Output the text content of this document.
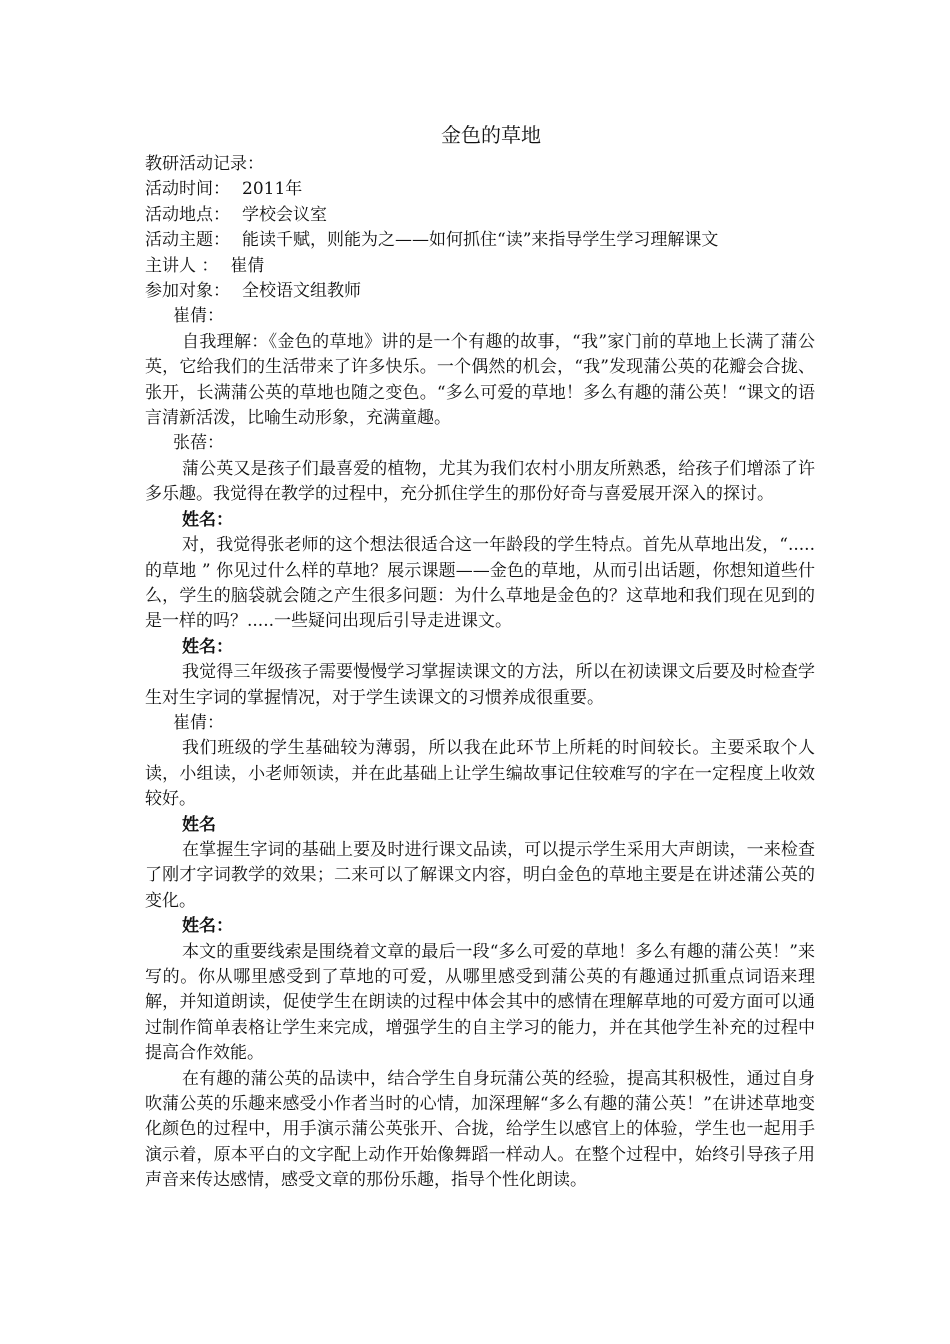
金色的草地

教研活动记录：

活动时间： 2011年

活动地点： 学校会议室

活动主题： 能读千赋，则能为之——如何抓住“读”来指导学生学习理解课文

主讲人 ： 崔倩

参加对象： 全校语文组教师

崔倩：

自我理解：《金色的草地》讲的是一个有趣的故事，“我”家门前的草地上长满了蒲公英，它给我们的生活带来了许多快乐。一个偶然的机会，“我”发现蒲公英的花瓣会合拢、张开，长满蒲公英的草地也随之变色。“多么可爱的草地！多么有趣的蒲公英！“课文的语言清新活泼，比喻生动形象，充满童趣。

张蓓：

蒲公英又是孩子们最喜爱的植物，尤其为我们农村小朋友所熟悉，给孩子们增添了许多乐趣。我觉得在教学的过程中，充分抓住学生的那份好奇与喜爱展开深入的探讨。

姓名：

对，我觉得张老师的这个想法很适合这一年龄段的学生特点。首先从草地出发，“.....的草地 ” 你见过什么样的草地？展示课题——金色的草地，从而引出话题，你想知道些什么，学生的脑袋就会随之产生很多问题：为什么草地是金色的？这草地和我们现在见到的是一样的吗？.....一些疑问出现后引导走进课文。

姓名：

我觉得三年级孩子需要慢慢学习掌握读课文的方法，所以在初读课文后要及时检查学生对生字词的掌握情况，对于学生读课文的习惯养成很重要。

崔倩：

我们班级的学生基础较为薄弱，所以我在此环节上所耗的时间较长。主要采取个人读，小组读，小老师领读，并在此基础上让学生编故事记住较难写的字在一定程度上收效较好。

姓名

在掌握生字词的基础上要及时进行课文品读，可以提示学生采用大声朗读，一来检查了刚才字词教学的效果；二来可以了解课文内容，明白金色的草地主要是在讲述蒲公英的变化。

姓名：

本文的重要线索是围绕着文章的最后一段“多么可爱的草地！多么有趣的蒲公英！”来写的。你从哪里感受到了草地的可爱，从哪里感受到蒲公英的有趣通过抓重点词语来理解，并知道朗读，促使学生在朗读的过程中体会其中的感情在理解草地的可爱方面可以通过制作简单表格让学生来完成，增强学生的自主学习的能力，并在其他学生补充的过程中提高合作效能。

在有趣的蒲公英的品读中，结合学生自身玩蒲公英的经验，提高其积极性，通过自身吹蒲公英的乐趣来感受小作者当时的心情，加深理解“多么有趣的蒲公英！”在讲述草地变化颜色的过程中，用手演示蒲公英张开、合拢，给学生以感官上的体验，学生也一起用手演示着，原本平白的文字配上动作开始像舞蹈一样动人。在整个过程中，始终引导孩子用声音来传达感情，感受文章的那份乐趣，指导个性化朗读。
